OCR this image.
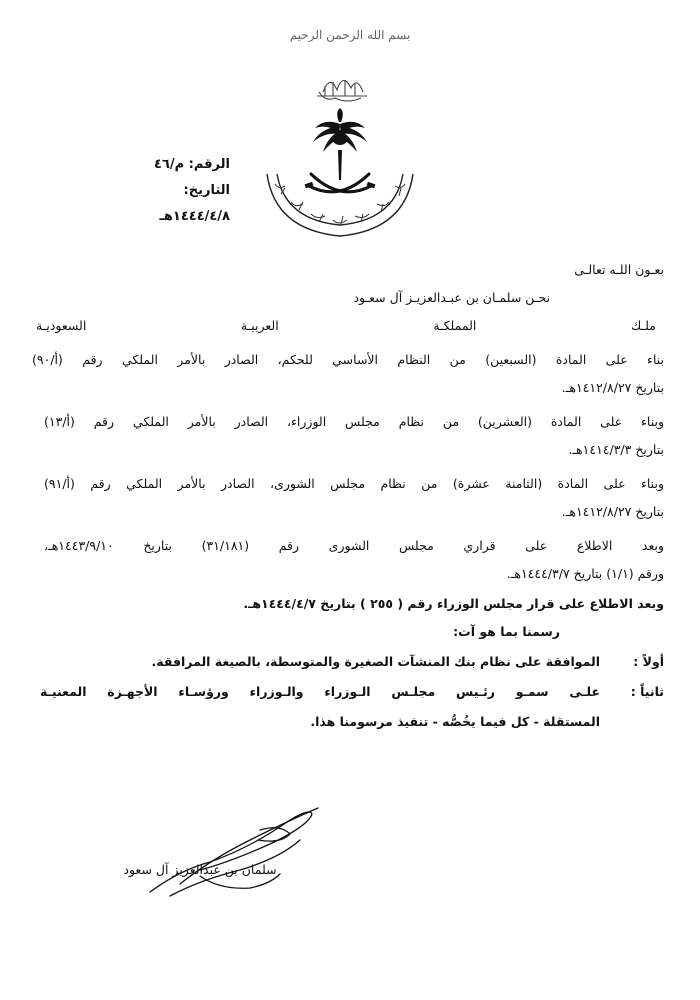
بسم الله الرحمن الرحيم
الرقم: م/٤٦
التاريخ: ١٤٤٤/٤/٨هـ
بعـون اللـه تعالـى
نحـن سلمـان بن عبـدالعزيـز آل سعـود
ملـك المملكـة العربيـة السعوديـة
بناء على المادة (السبعين) من النظام الأساسي للحكم، الصادر بالأمر الملكي رقم (أ/٩٠)
بتاريخ ١٤١٢/٨/٢٧هـ.
وبناء على المادة (العشرين) من نظام مجلس الوزراء، الصادر بالأمر الملكي رقم (أ/١٣)
بتاريخ ١٤١٤/٣/٣هـ.
وبناء على المادة (الثامنة عشرة) من نظام مجلس الشورى، الصادر بالأمر الملكي رقم (أ/٩١)
بتاريخ ١٤١٢/٨/٢٧هـ.
وبعد الاطلاع على قراري مجلس الشورى رقم (٣١/١٨١) بتاريخ ١٤٤٣/٩/١٠هـ،
ورقم (١/١) بتاريخ ١٤٤٤/٣/٧هـ.
وبعد الاطلاع على قرار مجلس الوزراء رقم ( ٢٥٥ ) بتاريخ ١٤٤٤/٤/٧هـ.
رسمنا بما هو آت:
أولاً :
الموافقة على نظام بنك المنشآت الصغيرة والمتوسطة، بالصيغة المرافقة.
ثانياً :
علـى سمـو رئـيس مجلـس الـوزراء والـوزراء ورؤسـاء الأجهـزة المعنيـة
المستقلة - كل فيما يخُصُّه - تنفيذ مرسومنا هذا.
سلمان بن عبدالعزيز آل سعود
